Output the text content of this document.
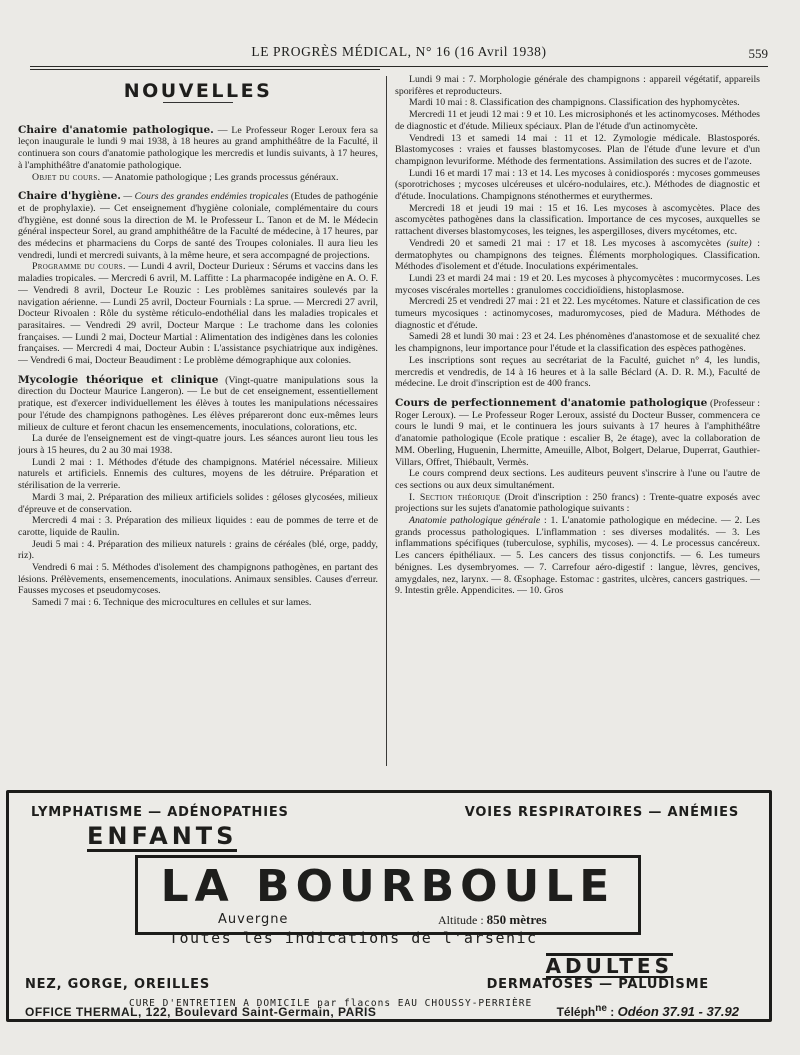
LE PROGRÈS MÉDICAL, N° 16 (16 Avril 1938)	559
NOUVELLES

Chaire d'anatomie pathologique. — Le Professeur Roger Leroux fera sa leçon inaugurale le lundi 9 mai 1938, à 18 heures au grand amphithéâtre de la Faculté, il continuera son cours d'anatomie pathologique les mercredis et lundis suivants, à 17 heures, à l'amphithéâtre d'anatomie pathologique.

Objet du cours. — Anatomie pathologique ; Les grands processus généraux.

Chaire d'hygiène. — Cours des grandes endémies tropicales (Etudes de pathogénie et de prophylaxie). — Cet enseignement d'hygiène coloniale, complémentaire du cours d'hygiène, est donné sous la direction de M. le Professeur L. Tanon et de M. le Médecin général inspecteur Sorel, au grand amphithéâtre de la Faculté de médecine, à 17 heures, par des médecins et pharmaciens du Corps de santé des Troupes coloniales. Il aura lieu les vendredi, lundi et mercredi suivants, à la même heure, et sera accompagné de projections.

Programme du cours. — Lundi 4 avril, Docteur Durieux : Sérums et vaccins dans les maladies tropicales. — Mercredi 6 avril, M. Laffitte : La pharmacopée indigène en A. O. F. — Vendredi 8 avril, Docteur Le Rouzic : Les problèmes sanitaires soulevés par la navigation aérienne. — Lundi 25 avril, Docteur Fournials : La sprue. — Mercredi 27 avril, Docteur Rivoalen : Rôle du système réticulo-endothélial dans les maladies tropicales et parasitaires. — Vendredi 29 avril, Docteur Marque : Le trachome dans les colonies françaises. — Lundi 2 mai, Docteur Martial : Alimentation des indigènes dans les colonies françaises. — Mercredi 4 mai, Docteur Aubin : L'assistance psychiatrique aux indigènes. — Vendredi 6 mai, Docteur Beaudiment : Le problème démographique aux colonies.

Mycologie théorique et clinique (Vingt-quatre manipulations sous la direction du Docteur Maurice Langeron). — Le but de cet enseignement, essentiellement pratique, est d'exercer individuellement les élèves à toutes les manipulations nécessaires pour l'étude des champignons pathogènes. Les élèves prépareront donc eux-mêmes leurs milieux de culture et feront chacun les ensemencements, inoculations, colorations, etc.

La durée de l'enseignement est de vingt-quatre jours. Les séances auront lieu tous les jours à 15 heures, du 2 au 30 mai 1938.

Lundi 2 mai : 1. Méthodes d'étude des champignons. Matériel nécessaire. Milieux naturels et artificiels. Ennemis des cultures, moyens de les détruire. Préparation et stérilisation de la verrerie.

Mardi 3 mai, 2. Préparation des milieux artificiels solides : géloses glycosées, milieux d'épreuve et de conservation.

Mercredi 4 mai : 3. Préparation des milieux liquides : eau de pommes de terre et de carotte, liquide de Raulin.

Jeudi 5 mai : 4. Préparation des milieux naturels : grains de céréales (blé, orge, paddy, riz).

Vendredi 6 mai : 5. Méthodes d'isolement des champignons pathogènes, en partant des lésions. Prélèvements, ensemencements, inoculations. Animaux sensibles. Causes d'erreur. Fausses mycoses et pseudomycoses.

Samedi 7 mai : 6. Technique des microcultures en cellules et sur lames.

Lundi 9 mai : 7. Morphologie générale des champignons : appareil végétatif, appareils sporifères et reproducteurs.

Mardi 10 mai : 8. Classification des champignons. Classification des hyphomycètes.

Mercredi 11 et jeudi 12 mai : 9 et 10. Les microsiphonés et les actinomycoses. Méthodes de diagnostic et d'étude. Milieux spéciaux. Plan de l'étude d'un actinomycète.

Vendredi 13 et samedi 14 mai : 11 et 12. Zymologie médicale. Blastosporés. Blastomycoses : vraies et fausses blastomycoses. Plan de l'étude d'une levure et d'un champignon levuriforme. Méthode des fermentations. Assimilation des sucres et de l'azote.

Lundi 16 et mardi 17 mai : 13 et 14. Les mycoses à conidiosporés : mycoses gommeuses (sporotrichoses ; mycoses ulcéreuses et ulcéro-nodulaires, etc.). Méthodes de diagnostic et d'étude. Inoculations. Champignons sténothermes et eurythermes.

Mercredi 18 et jeudi 19 mai : 15 et 16. Les mycoses à ascomycètes. Place des ascomycètes pathogènes dans la classification. Importance de ces mycoses, auxquelles se rattachent diverses blastomycoses, les teignes, les aspergilloses, divers mycétomes, etc.

Vendredi 20 et samedi 21 mai : 17 et 18. Les mycoses à ascomycètes (suite) : dermatophytes ou champignons des teignes. Éléments morphologiques. Classification. Méthodes d'isolement et d'étude. Inoculations expérimentales.

Lundi 23 et mardi 24 mai : 19 et 20. Les mycoses à phycomycètes : mucormycoses. Les mycoses viscérales mortelles : granulomes coccidioïdiens, histoplasmose.

Mercredi 25 et vendredi 27 mai : 21 et 22. Les mycétomes. Nature et classification de ces tumeurs mycosiques : actinomycoses, maduromycoses, pied de Madura. Méthodes de diagnostic et d'étude.

Samedi 28 et lundi 30 mai : 23 et 24. Les phénomènes d'anastomose et de sexualité chez les champignons, leur importance pour l'étude et la classification des espèces pathogènes.

Les inscriptions sont reçues au secrétariat de la Faculté, guichet n° 4, les lundis, mercredis et vendredis, de 14 à 16 heures et à la salle Béclard (A. D. R. M.), Faculté de médecine. Le droit d'inscription est de 400 francs.

Cours de perfectionnement d'anatomie pathologique (Professeur : Roger Leroux). — Le Professeur Roger Leroux, assisté du Docteur Busser, commencera ce cours le lundi 9 mai, et le continuera les jours suivants à 17 heures à l'amphithéâtre d'anatomie pathologique (Ecole pratique : escalier B, 2e étage), avec la collaboration de MM. Oberling, Huguenin, Lhermitte, Ameuille, Albot, Bolgert, Delarue, Duperrat, Gauthier-Villars, Offret, Thiébault, Vermès.

Le cours comprend deux sections. Les auditeurs peuvent s'inscrire à l'une ou l'autre de ces sections ou aux deux simultanément.

I. Section théorique (Droit d'inscription : 250 francs) : Trente-quatre exposés avec projections sur les sujets d'anatomie pathologique suivants :

Anatomie pathologique générale : 1. L'anatomie pathologique en médecine. — 2. Les grands processus pathologiques. L'inflammation : ses diverses modalités. — 3. Les inflammations spécifiques (tuberculose, syphilis, mycoses). — 4. Le processus cancéreux. Les cancers épithéliaux. — 5. Les cancers des tissus conjonctifs. — 6. Les tumeurs bénignes. Les dysembryomes. — 7. Carrefour aéro-digestif : langue, lèvres, gencives, amygdales, nez, larynx. — 8. Œsophage. Estomac : gastrites, ulcères, cancers gastriques. — 9. Intestin grêle. Appendicites. — 10. Gros

LYMPHATISME — ADÉNOPATHIES	VOIES RESPIRATOIRES — ANÉMIES
ENFANTS
LA BOURBOULE
Auvergne	Altitude : 850 mètres
Toutes les indications de l'arsenic
ADULTES
NEZ, GORGE, OREILLES	DERMATOSES — PALUDISME
CURE D'ENTRETIEN A DOMICILE par flacons EAU CHOUSSY-PERRIÈRE
OFFICE THERMAL, 122, Boulevard Saint-Germain, PARIS	Téléph$^{ne}$ : Odéon 37.91 - 37.92
